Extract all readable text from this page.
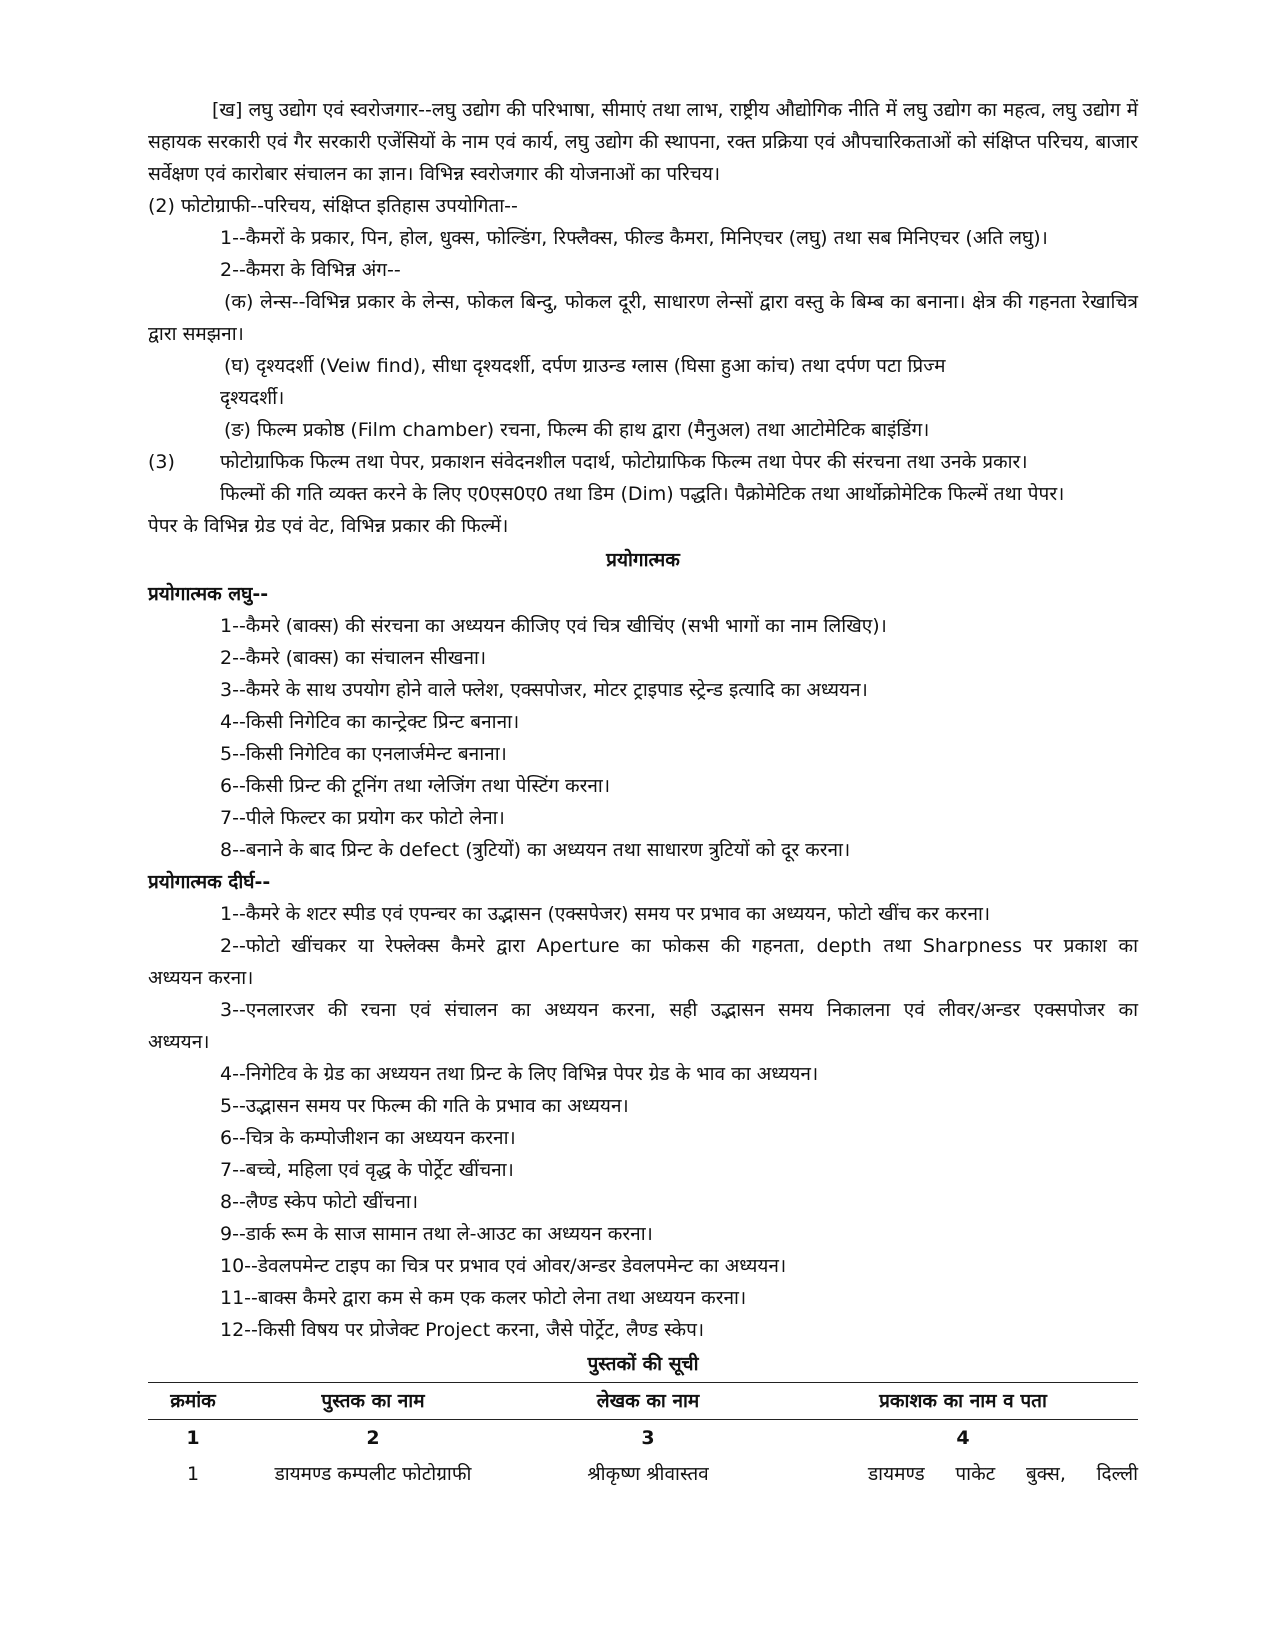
[ख] लघु उद्योग एवं स्वरोजगार--लघु उद्योग की परिभाषा, सीमाएं तथा लाभ, राष्ट्रीय औद्योगिक नीति में लघु उद्योग का महत्व, लघु उद्योग में सहायक सरकारी एवं गैर सरकारी एजेंसियों के नाम एवं कार्य, लघु उद्योग की स्थापना, रक्त प्रक्रिया एवं औपचारिकताओं को संक्षिप्त परिचय, बाजार सर्वेक्षण एवं कारोबार संचालन का ज्ञान। विभिन्न स्वरोजगार की योजनाओं का परिचय।

(2) फोटोग्राफी--परिचय, संक्षिप्त इतिहास उपयोगिता--

1--कैमरों के प्रकार, पिन, होल, धुक्स, फोल्डिंग, रिफ्लैक्स, फील्ड कैमरा, मिनिएचर (लघु) तथा सब मिनिएचर (अति लघु)।

2--कैमरा के विभिन्न अंग--

(क) लेन्स--विभिन्न प्रकार के लेन्स, फोकल बिन्दु, फोकल दूरी, साधारण लेन्सों द्वारा वस्तु के बिम्ब का बनाना। क्षेत्र की गहनता रेखाचित्र द्वारा समझना।

(घ) दृश्यदर्शी (Veiw find), सीधा दृश्यदर्शी, दर्पण ग्राउन्ड ग्लास (घिसा हुआ कांच) तथा दर्पण पटा प्रिज्म

दृश्यदर्शी।

(ङ) फिल्म प्रकोष्ठ (Film chamber) रचना, फिल्म की हाथ द्वारा (मैनुअल) तथा आटोमेटिक बाइंडिंग।

(3)	फोटोग्राफिक फिल्म तथा पेपर, प्रकाशन संवेदनशील पदार्थ, फोटोग्राफिक फिल्म तथा पेपर की संरचना तथा उनके प्रकार।

फिल्मों की गति व्यक्त करने के लिए ए0एस0ए0 तथा डिम (Dim) पद्धति। पैक्रोमेटिक तथा आर्थोक्रोमेटिक फिल्में तथा पेपर।

पेपर के विभिन्न ग्रेड एवं वेट, विभिन्न प्रकार की फिल्में।

प्रयोगात्मक

प्रयोगात्मक लघु--

1--कैमरे (बाक्स) की संरचना का अध्ययन कीजिए एवं चित्र खीचिंए (सभी भागों का नाम लिखिए)।

2--कैमरे (बाक्स) का संचालन सीखना।

3--कैमरे के साथ उपयोग होने वाले फ्लेश, एक्सपोजर, मोटर ट्राइपाड स्ट्रेन्ड इत्यादि का अध्ययन।

4--किसी निगेटिव का कान्ट्रेक्ट प्रिन्ट बनाना।

5--किसी निगेटिव का एनलार्जमेन्ट बनाना।

6--किसी प्रिन्ट की टूनिंग तथा ग्लेजिंग तथा पेस्टिंग करना।

7--पीले फिल्टर का प्रयोग कर फोटो लेना।

8--बनाने के बाद प्रिन्ट के defect (त्रुटियों) का अध्ययन तथा साधारण त्रुटियों को दूर करना।

प्रयोगात्मक दीर्घ--

1--कैमरे के शटर स्पीड एवं एपन्चर का उद्भासन (एक्सपेजर) समय पर प्रभाव का अध्ययन, फोटो खींच कर करना।

2--फोटो खींचकर या रेफ्लेक्स कैमरे द्वारा Aperture का फोकस की गहनता, depth तथा Sharpness पर प्रकाश का

अध्ययन करना।

3--एनलारजर की रचना एवं संचालन का अध्ययन करना, सही उद्भासन समय निकालना एवं लीवर/अन्डर एक्सपोजर का

अध्ययन।

4--निगेटिव के ग्रेड का अध्ययन तथा प्रिन्ट के लिए विभिन्न पेपर ग्रेड के भाव का अध्ययन।

5--उद्भासन समय पर फिल्म की गति के प्रभाव का अध्ययन।

6--चित्र के कम्पोजीशन का अध्ययन करना।

7--बच्चे, महिला एवं वृद्ध के पोर्ट्रेट खींचना।

8--लैण्ड स्केप फोटो खींचना।

9--डार्क रूम के साज सामान तथा ले-आउट का अध्ययन करना।

10--डेवलपमेन्ट टाइप का चित्र पर प्रभाव एवं ओवर/अन्डर डेवलपमेन्ट का अध्ययन।

11--बाक्स कैमरे द्वारा कम से कम एक कलर फोटो लेना तथा अध्ययन करना।

12--किसी विषय पर प्रोजेक्ट Project करना, जैसे पोर्ट्रेट, लैण्ड स्केप।

पुस्तकों की सूची

क्रमांक	पुस्तक का नाम	लेखक का नाम	प्रकाशक का नाम व पता
1	2	3	4
1	डायमण्ड कम्पलीट फोटोग्राफी	श्रीकृष्ण श्रीवास्तव	डायमण्ड पाकेट बुक्स, दिल्ली
